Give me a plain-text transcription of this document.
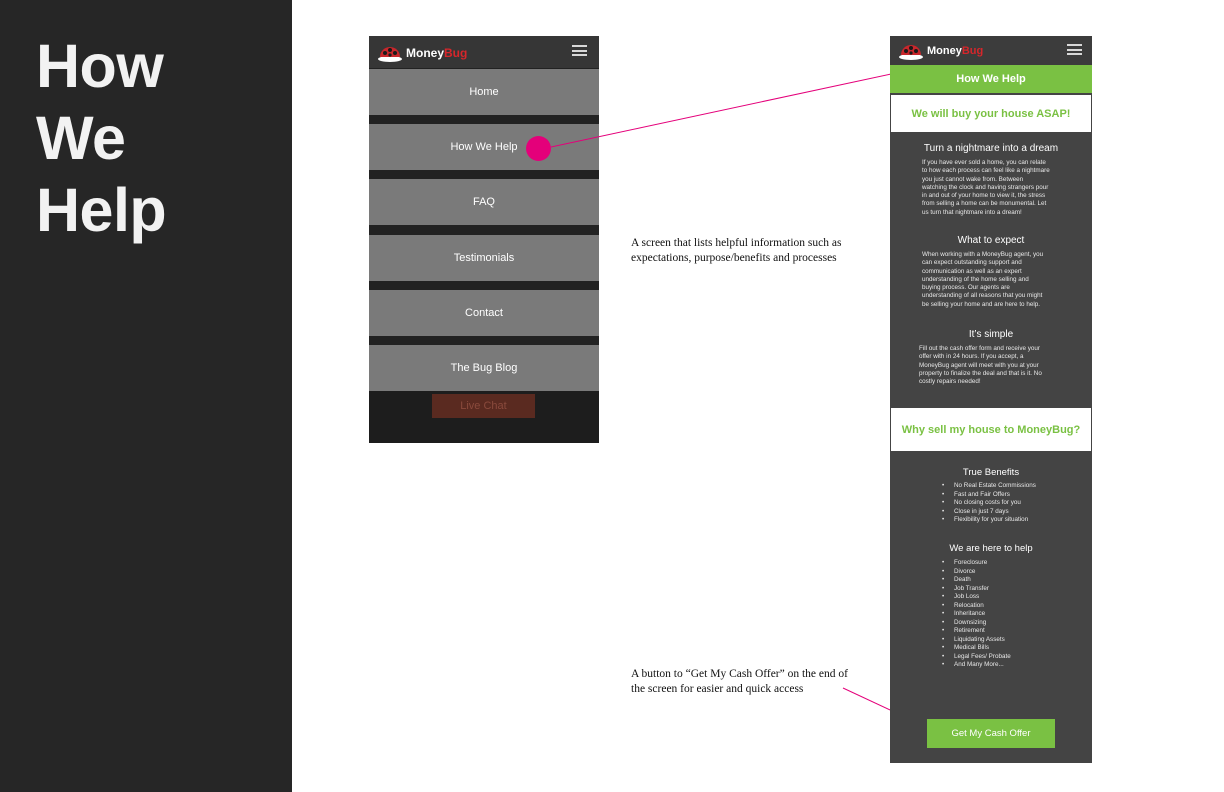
How
We
Help
MoneyBug
Home
How We Help
FAQ
Testimonials
Contact
The Bug Blog
Live Chat
A screen that lists helpful information such as
expectations, purpose/benefits and processes
A button to “Get My Cash Offer” on the end of
the screen for easier and quick access
MoneyBug
How We Help
We will buy your house ASAP!
Turn a nightmare into a dream
If you have ever sold a home, you can relate
to how each process can feel like a nightmare
you just cannot wake from. Between
watching the clock and having strangers pour
in and out of your home to view it, the stress
from selling a home can be monumental. Let
us turn that nightmare into a dream!
What to expect
When working with a MoneyBug agent, you
can expect outstanding support and
communication as well as an expert
understanding of the home selling and
buying process. Our agents are
understanding of all reasons that you might
be selling your home and are here to help.
It’s simple
Fill out the cash offer form and receive your
offer with in 24 hours. If you accept, a
MoneyBug agent will meet with you at your
property to finalize the deal and that is it. No
costly repairs needed!
Why sell my house to MoneyBug?
True Benefits
• No Real Estate Commissions
• Fast and Fair Offers
• No closing costs for you
• Close in just 7 days
• Flexibility for your situation
We are here to help
• Foreclosure
• Divorce
• Death
• Job Transfer
• Job Loss
• Relocation
• Inheritance
• Downsizing
• Retirement
• Liquidating Assets
• Medical Bills
• Legal Fees/ Probate
• And Many More...
Get My Cash Offer
